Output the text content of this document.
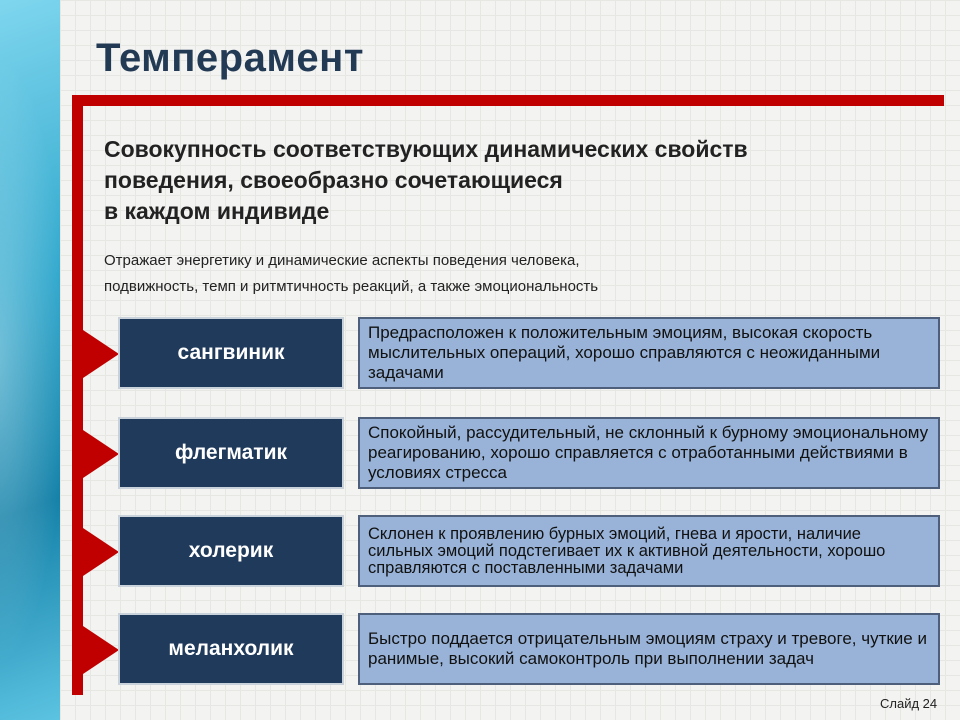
Темперамент
Совокупность соответствующих динамических свойств
поведения, своеобразно сочетающиеся
в каждом индивиде
Отражает энергетику и динамические аспекты поведения человека,
подвижность, темп и ритмтичность реакций, а также эмоциональность
сангвиник
Предрасположен к положительным эмоциям, высокая скорость мыслительных операций, хорошо справляются с неожиданными задачами
флегматик
Спокойный, рассудительный, не склонный к бурному эмоциональному реагированию, хорошо справляется с отработанными действиями в условиях стресса
холерик
Склонен к проявлению бурных эмоций, гнева и ярости, наличие сильных эмоций подстегивает их к активной деятельности, хорошо справляются с поставленными задачами
меланхолик	Быстро поддается отрицательным эмоциям страху и тревоге, чуткие и ранимые, высокий самоконтроль при выполнении задач
Слайд 24
